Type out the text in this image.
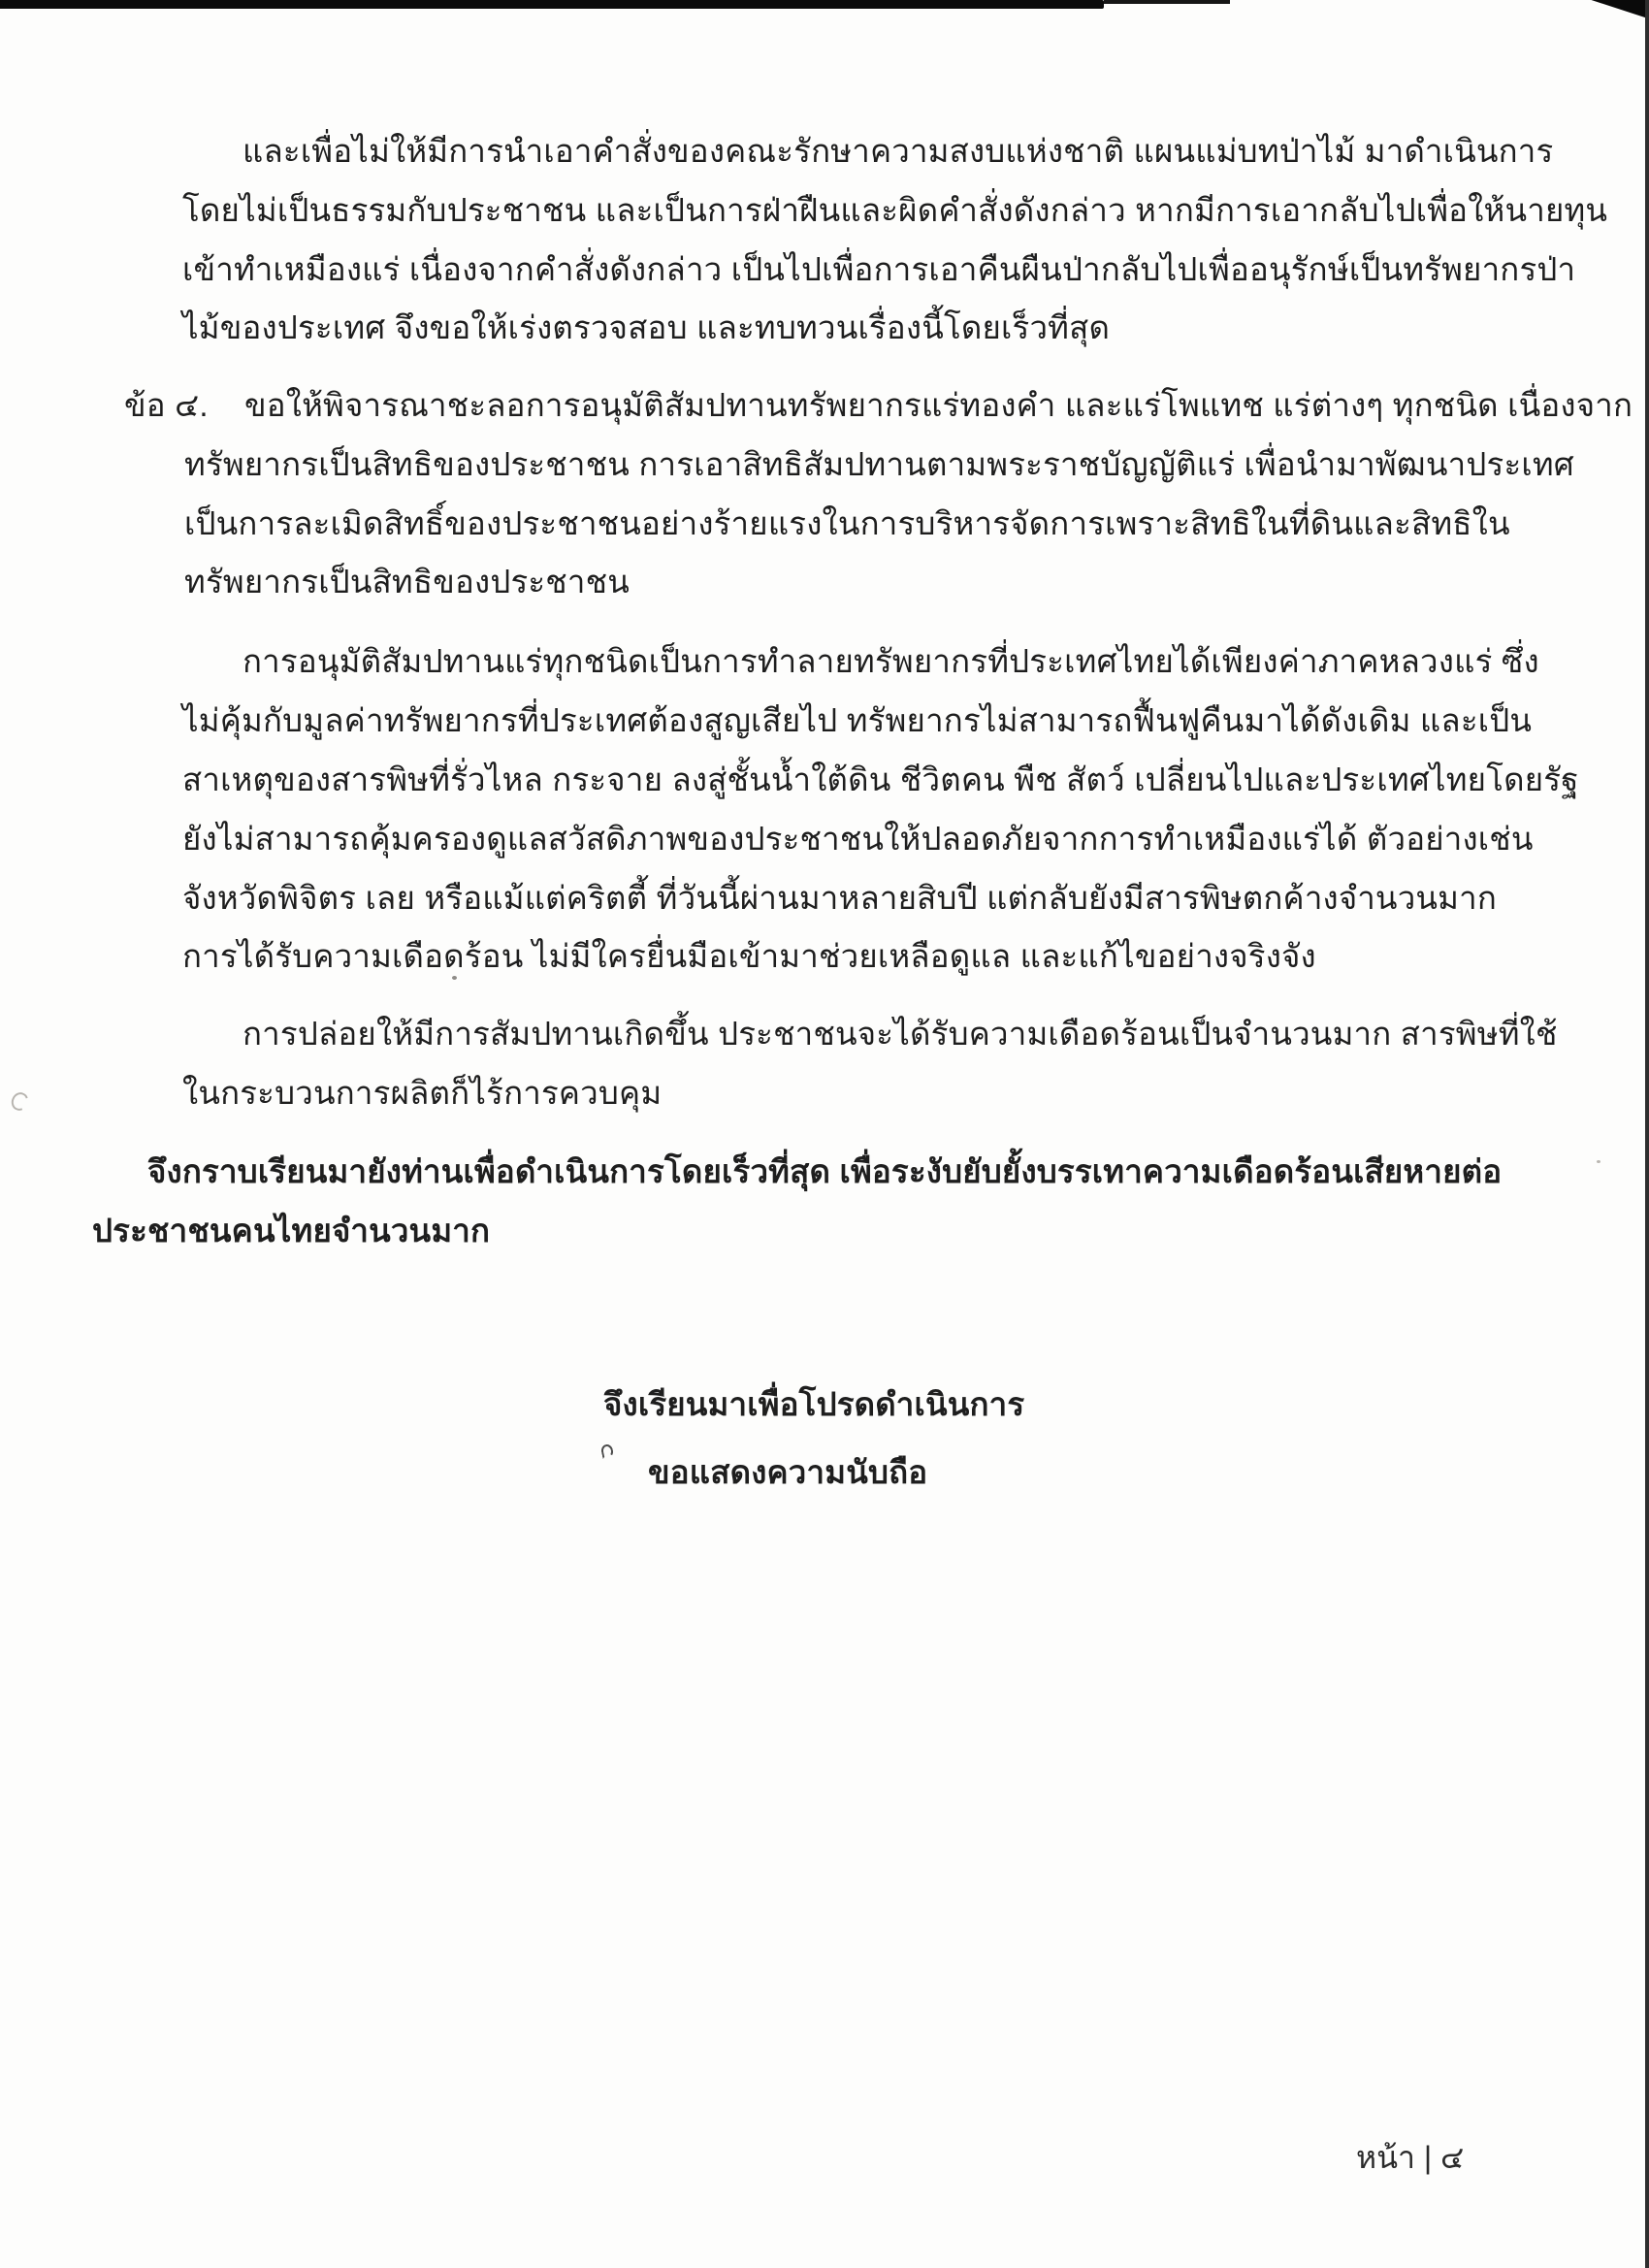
และเพื่อไม่ให้มีการนำเอาคำสั่งของคณะรักษาความสงบแห่งชาติ แผนแม่บทป่าไม้ มาดำเนินการ
โดยไม่เป็นธรรมกับประชาชน และเป็นการฝ่าฝืนและผิดคำสั่งดังกล่าว หากมีการเอากลับไปเพื่อให้นายทุน
เข้าทำเหมืองแร่ เนื่องจากคำสั่งดังกล่าว เป็นไปเพื่อการเอาคืนผืนป่ากลับไปเพื่ออนุรักษ์เป็นทรัพยากรป่า
ไม้ของประเทศ จึงขอให้เร่งตรวจสอบ และทบทวนเรื่องนี้โดยเร็วที่สุด
ข้อ ๔. ขอให้พิจารณาชะลอการอนุมัติสัมปทานทรัพยากรแร่ทองคำ และแร่โพแทช แร่ต่างๆ ทุกชนิด เนื่องจาก
ทรัพยากรเป็นสิทธิของประชาชน การเอาสิทธิสัมปทานตามพระราชบัญญัติแร่ เพื่อนำมาพัฒนาประเทศ
เป็นการละเมิดสิทธิ์ของประชาชนอย่างร้ายแรงในการบริหารจัดการเพราะสิทธิในที่ดินและสิทธิใน
ทรัพยากรเป็นสิทธิของประชาชน
การอนุมัติสัมปทานแร่ทุกชนิดเป็นการทำลายทรัพยากรที่ประเทศไทยได้เพียงค่าภาคหลวงแร่ ซึ่ง
ไม่คุ้มกับมูลค่าทรัพยากรที่ประเทศต้องสูญเสียไป ทรัพยากรไม่สามารถฟื้นฟูคืนมาได้ดังเดิม และเป็น
สาเหตุของสารพิษที่รั่วไหล กระจาย ลงสู่ชั้นน้ำใต้ดิน ชีวิตคน พืช สัตว์ เปลี่ยนไปและประเทศไทยโดยรัฐ
ยังไม่สามารถคุ้มครองดูแลสวัสดิภาพของประชาชนให้ปลอดภัยจากการทำเหมืองแร่ได้ ตัวอย่างเช่น
จังหวัดพิจิตร เลย หรือแม้แต่คริตตี้ ที่วันนี้ผ่านมาหลายสิบปี แต่กลับยังมีสารพิษตกค้างจำนวนมาก
การได้รับความเดือดร้อน ไม่มีใครยื่นมือเข้ามาช่วยเหลือดูแล และแก้ไขอย่างจริงจัง
การปล่อยให้มีการสัมปทานเกิดขึ้น ประชาชนจะได้รับความเดือดร้อนเป็นจำนวนมาก สารพิษที่ใช้
ในกระบวนการผลิตก็ไร้การควบคุม
จึงกราบเรียนมายังท่านเพื่อดำเนินการโดยเร็วที่สุด เพื่อระงับยับยั้งบรรเทาความเดือดร้อนเสียหายต่อ
ประชาชนคนไทยจำนวนมาก
จึงเรียนมาเพื่อโปรดดำเนินการ
ขอแสดงความนับถือ
หน้า | ๔
